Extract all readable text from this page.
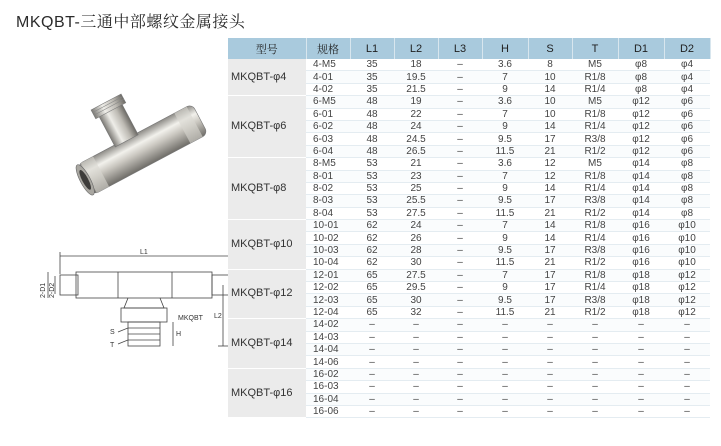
MKQBT-三通中部螺纹金属接头
L1
L2
H
S
T
MKQBT
2-D1 2-D2
型号	规格	L1	L2	L3	H	S	T	D1	D2
MKQBT-φ4	4-M5	35	18	–	3.6	8	M5	φ8	φ4
	4-01	35	19.5	–	7	10	R1/8	φ8	φ4
	4-02	35	21.5	–	9	14	R1/4	φ8	φ4
MKQBT-φ6	6-M5	48	19	–	3.6	10	M5	φ12	φ6
	6-01	48	22	–	7	10	R1/8	φ12	φ6
	6-02	48	24	–	9	14	R1/4	φ12	φ6
	6-03	48	24.5	–	9.5	17	R3/8	φ12	φ6
	6-04	48	26.5	–	11.5	21	R1/2	φ12	φ6
MKQBT-φ8	8-M5	53	21	–	3.6	12	M5	φ14	φ8
	8-01	53	23	–	7	12	R1/8	φ14	φ8
	8-02	53	25	–	9	14	R1/4	φ14	φ8
	8-03	53	25.5	–	9.5	17	R3/8	φ14	φ8
	8-04	53	27.5	–	11.5	21	R1/2	φ14	φ8
MKQBT-φ10	10-01	62	24	–	7	14	R1/8	φ16	φ10
	10-02	62	26	–	9	14	R1/4	φ16	φ10
	10-03	62	28	–	9.5	17	R3/8	φ16	φ10
	10-04	62	30	–	11.5	21	R1/2	φ16	φ10
MKQBT-φ12	12-01	65	27.5	–	7	17	R1/8	φ18	φ12
	12-02	65	29.5	–	9	17	R1/4	φ18	φ12
	12-03	65	30	–	9.5	17	R3/8	φ18	φ12
	12-04	65	32	–	11.5	21	R1/2	φ18	φ12
MKQBT-φ14	14-02	–	–	–	–	–	–	–	–
	14-03	–	–	–	–	–	–	–	–
	14-04	–	–	–	–	–	–	–	–
	14-06	–	–	–	–	–	–	–	–
MKQBT-φ16	16-02	–	–	–	–	–	–	–	–
	16-03	–	–	–	–	–	–	–	–
	16-04	–	–	–	–	–	–	–	–
	16-06	–	–	–	–	–	–	–	–
